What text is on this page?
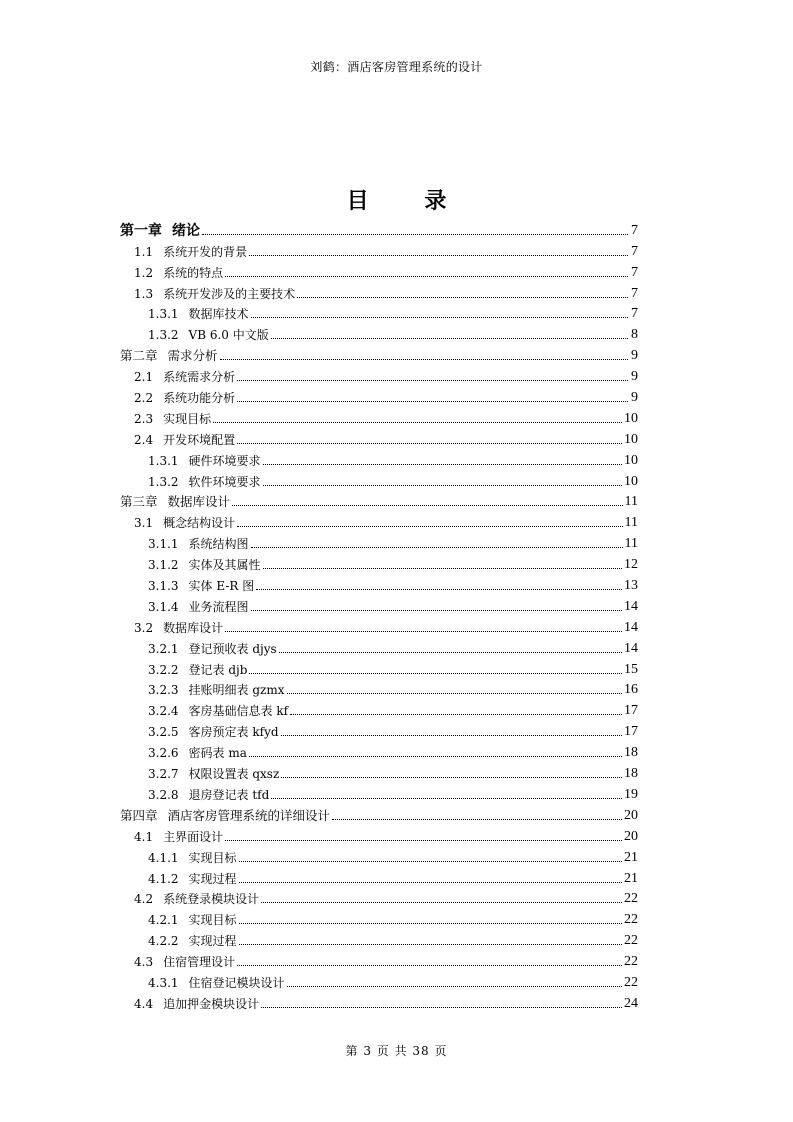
刘鹤：酒店客房管理系统的设计
目 录
第一章 绪论	7
1.1 系统开发的背景	7
1.2 系统的特点	7
1.3 系统开发涉及的主要技术	7
1.3.1 数据库技术	7
1.3.2 VB 6.0 中文版	8
第二章 需求分析	9
2.1 系统需求分析	9
2.2 系统功能分析	9
2.3 实现目标	10
2.4 开发环境配置	10
1.3.1 硬件环境要求	10
1.3.2 软件环境要求	10
第三章 数据库设计	11
3.1 概念结构设计	11
3.1.1 系统结构图	11
3.1.2 实体及其属性	12
3.1.3 实体 E-R 图	13
3.1.4 业务流程图	14
3.2 数据库设计	14
3.2.1 登记预收表 djys	14
3.2.2 登记表 djb	15
3.2.3 挂账明细表 gzmx	16
3.2.4 客房基础信息表 kf	17
3.2.5 客房预定表 kfyd	17
3.2.6 密码表 ma	18
3.2.7 权限设置表 qxsz	18
3.2.8 退房登记表 tfd	19
第四章 酒店客房管理系统的详细设计	20
4.1 主界面设计	20
4.1.1 实现目标	21
4.1.2 实现过程	21
4.2 系统登录模块设计	22
4.2.1 实现目标	22
4.2.2 实现过程	22
4.3 住宿管理设计	22
4.3.1 住宿登记模块设计	22
4.4 追加押金模块设计	24
第 3 页 共 38 页
